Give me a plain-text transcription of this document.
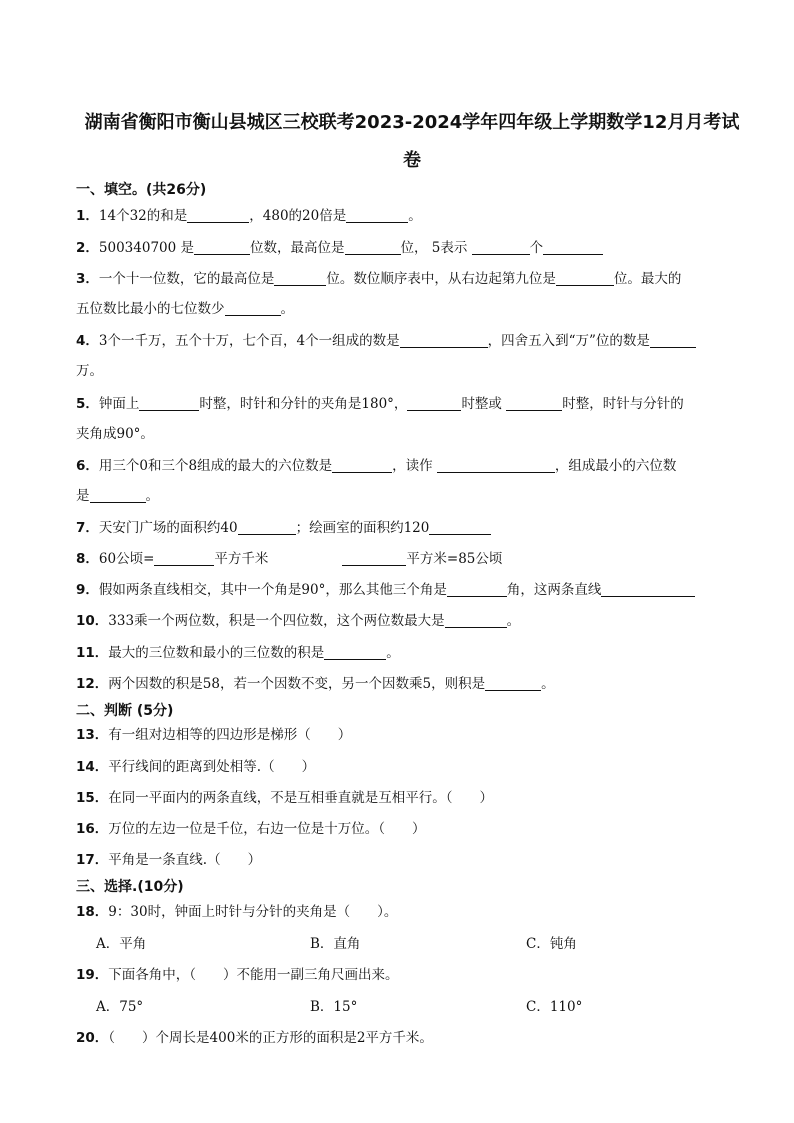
湖南省衡阳市衡山县城区三校联考2023-2024学年四年级上学期数学12月月考试
卷
一、填空。(共26分)
1．14个32的和是	，480的20倍是	。
2．500340700 是	位数，最高位是	位， 5表示	个
3．一个十一位数，它的最高位是	位。数位顺序表中，从右边起第九位是	位。最大的
五位数比最小的七位数少	。
4．3个一千万，五个十万，七个百，4个一组成的数是	，四舍五入到“万”位的数是
万。
5．钟面上	时整，时针和分针的夹角是180°，	时整或	时整，时针与分针的
夹角成90°。
6．用三个0和三个8组成的最大的六位数是	，读作	，组成最小的六位数
是	。
7．天安门广场的面积约40	；绘画室的面积约120
8．60公顷=	平方千米	平方米=85公顷
9．假如两条直线相交，其中一个角是90°，那么其他三个角是	角，这两条直线
10．333乘一个两位数，积是一个四位数，这个两位数最大是	。
11．最大的三位数和最小的三位数的积是	。
12．两个因数的积是58，若一个因数不变，另一个因数乘5，则积是	。
二、判断 (5分)
13．有一组对边相等的四边形是梯形（　　）
14．平行线间的距离到处相等.（　　）
15．在同一平面内的两条直线，不是互相垂直就是互相平行。（　　）
16．万位的左边一位是千位，右边一位是十万位。（　　）
17．平角是一条直线.（　　）
三、选择.(10分)
18．9：30时，钟面上时针与分针的夹角是（　　）。
A．平角	B．直角	C．钝角
19．下面各角中，（　　）不能用一副三角尺画出来。
A．75°	B．15°	C．110°
20．（　　）个周长是400米的正方形的面积是2平方千米。
